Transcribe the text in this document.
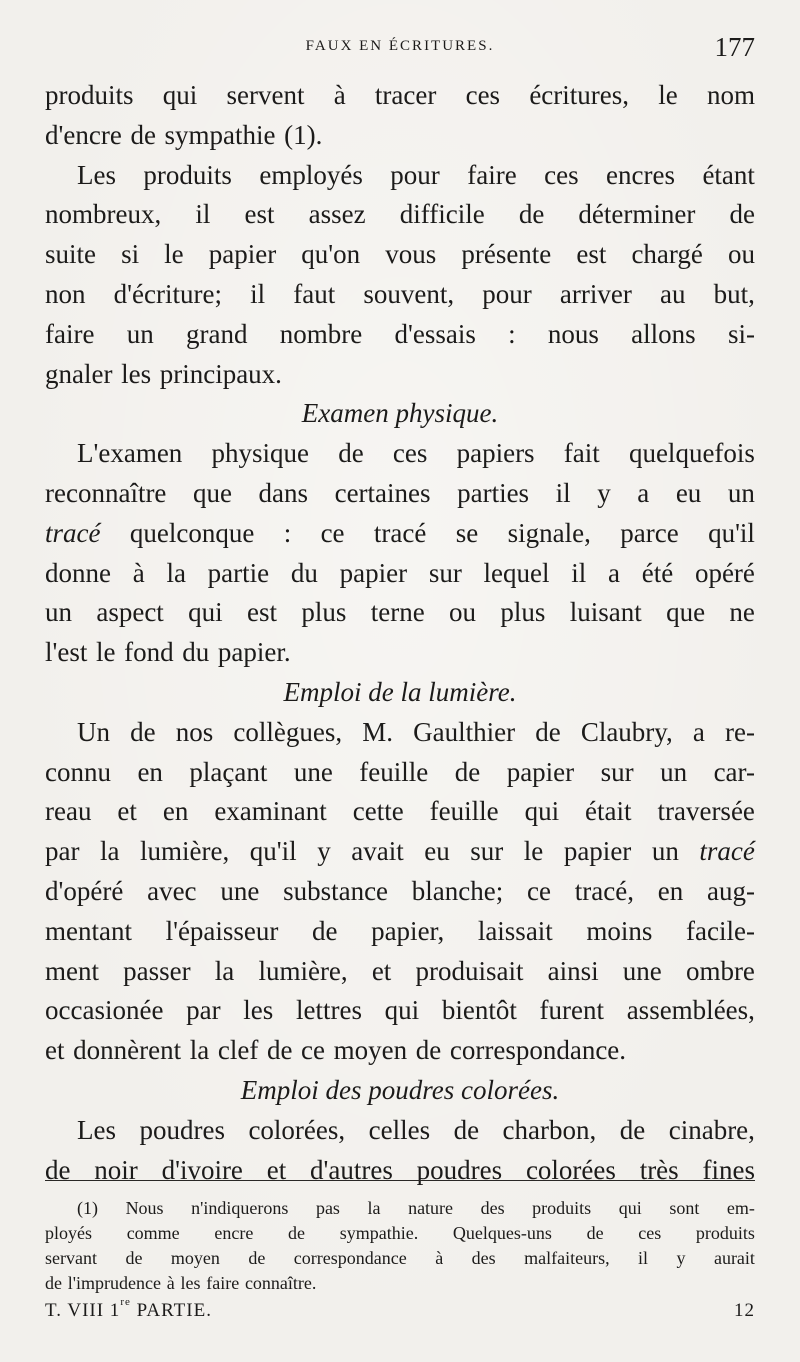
FAUX EN ÉCRITURES.	177
produits qui servent à tracer ces écritures, le nom
d'encre de sympathie (1).
Les produits employés pour faire ces encres étant
nombreux, il est assez difficile de déterminer de
suite si le papier qu'on vous présente est chargé ou
non d'écriture; il faut souvent, pour arriver au but,
faire un grand nombre d'essais : nous allons si-
gnaler les principaux.
Examen physique.
L'examen physique de ces papiers fait quelquefois
reconnaître que dans certaines parties il y a eu un
tracé quelconque : ce tracé se signale, parce qu'il
donne à la partie du papier sur lequel il a été opéré
un aspect qui est plus terne ou plus luisant que ne
l'est le fond du papier.
Emploi de la lumière.
Un de nos collègues, M. Gaulthier de Claubry, a re-
connu en plaçant une feuille de papier sur un car-
reau et en examinant cette feuille qui était traversée
par la lumière, qu'il y avait eu sur le papier un tracé
d'opéré avec une substance blanche; ce tracé, en aug-
mentant l'épaisseur de papier, laissait moins facile-
ment passer la lumière, et produisait ainsi une ombre
occasionée par les lettres qui bientôt furent assemblées,
et donnèrent la clef de ce moyen de correspondance.
Emploi des poudres colorées.
Les poudres colorées, celles de charbon, de cinabre,
de noir d'ivoire et d'autres poudres colorées très fines
(1) Nous n'indiquerons pas la nature des produits qui sont em-
ployés comme encre de sympathie. Quelques-uns de ces produits
servant de moyen de correspondance à des malfaiteurs, il y aurait
de l'imprudence à les faire connaître.
T. VIII 1re PARTIE.	12
